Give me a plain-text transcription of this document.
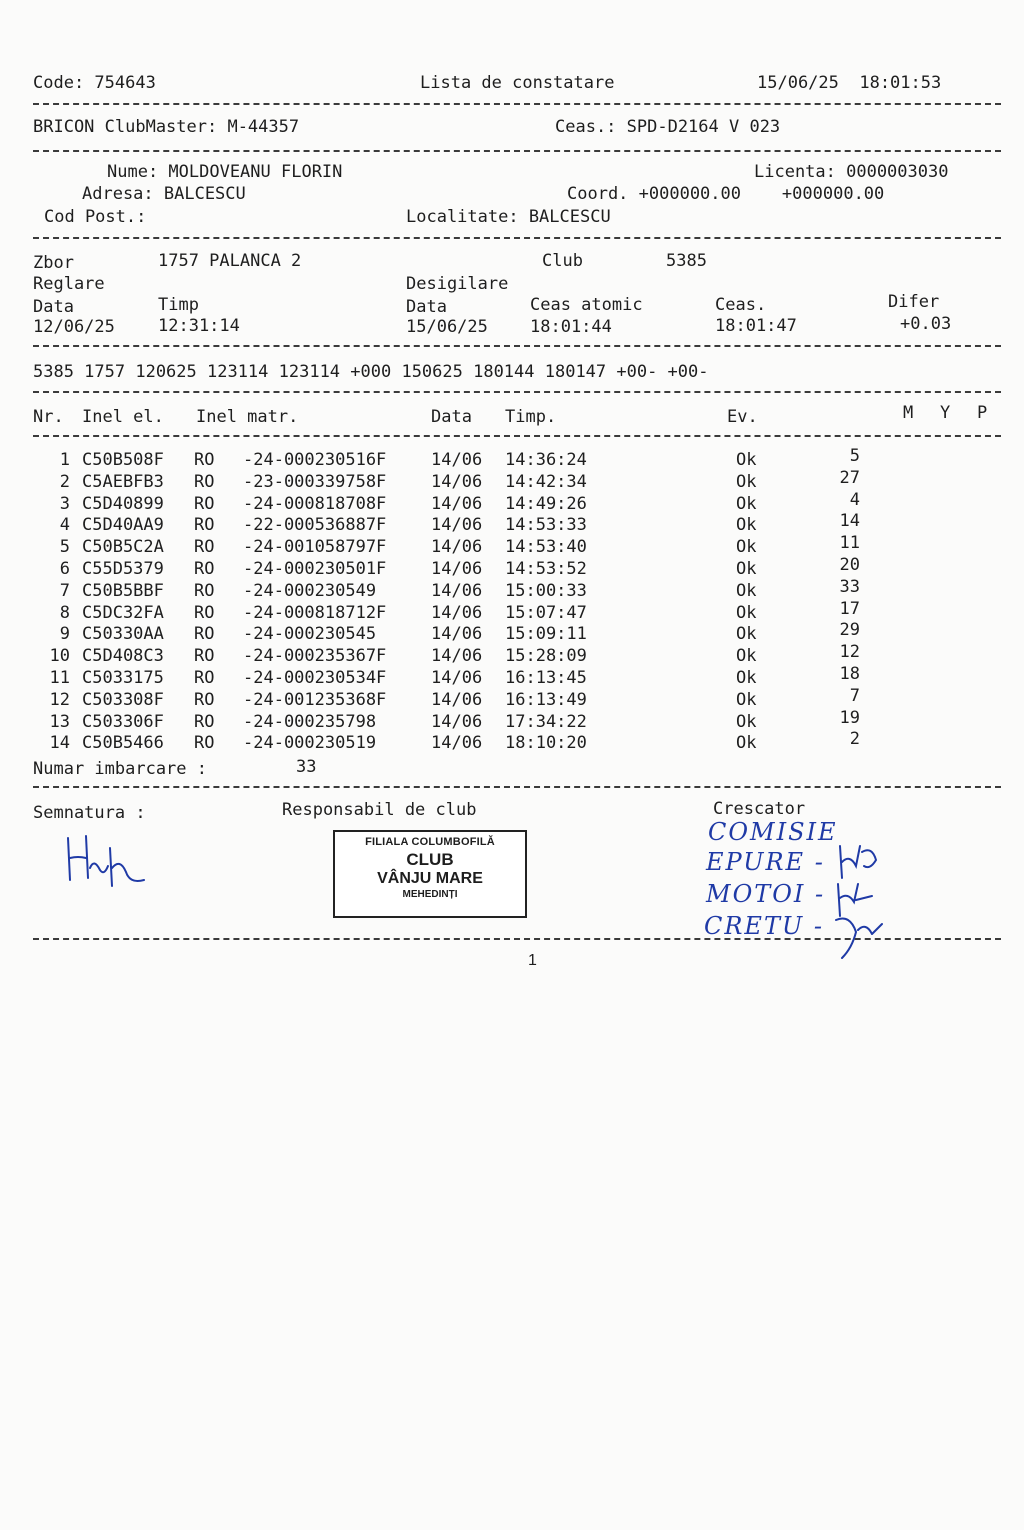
Code: 754643	Lista de constatare	15/06/25  18:01:53
BRICON ClubMaster: M-44357	Ceas.: SPD-D2164 V 023
Nume: MOLDOVEANU FLORIN	Licenta: 0000003030
Adresa: BALCESCU	Coord. +000000.00    +000000.00
Cod Post.:	Localitate: BALCESCU
Zbor	1757 PALANCA 2	Club	5385
Reglare	Desigilare
Data	Timp	Data	Ceas atomic	Ceas.	Difer
12/06/25	12:31:14	15/06/25 18:01:44	18:01:47	+0.03
5385 1757 120625 123114 123114 +000 150625 180144 180147 +00- +00-
Nr. Inel el. Inel matr.	Data Timp.	Ev.	M Y P
1 C50B508F RO -24-000230516F	14/06 14:36:24	Ok	5
2 C5AEBFB3 RO -23-000339758F	14/06 14:42:34	Ok	27
3 C5D40899 RO -24-000818708F	14/06 14:49:26	Ok	4
4 C5D40AA9 RO -22-000536887F	14/06 14:53:33	Ok	14
5 C50B5C2A RO -24-001058797F	14/06 14:53:40	Ok	11
6 C55D5379 RO -24-000230501F	14/06 14:53:52	Ok	20
7 C50B5BBF RO -24-000230549	14/06 15:00:33	Ok	33
8 C5DC32FA RO -24-000818712F	14/06 15:07:47	Ok	17
9 C50330AA RO -24-000230545	14/06 15:09:11	Ok	29
10 C5D408C3 RO -24-000235367F	14/06 15:28:09	Ok	12
11 C5033175 RO -24-000230534F	14/06 16:13:45	Ok	18
12 C503308F RO -24-001235368F	14/06 16:13:49	Ok	7
13 C503306F RO -24-000235798	14/06 17:34:22	Ok	19
14 C50B5466 RO -24-000230519	14/06 18:10:20	Ok	2
Numar imbarcare :	33
Semnatura :	Responsabil de club	Crescator
FILIALA COLUMBOFILĂ
CLUB
VÂNJU MARE
MEHEDINȚI
COMISIE
EPURE -
MOTOI -
CRETU -
1
